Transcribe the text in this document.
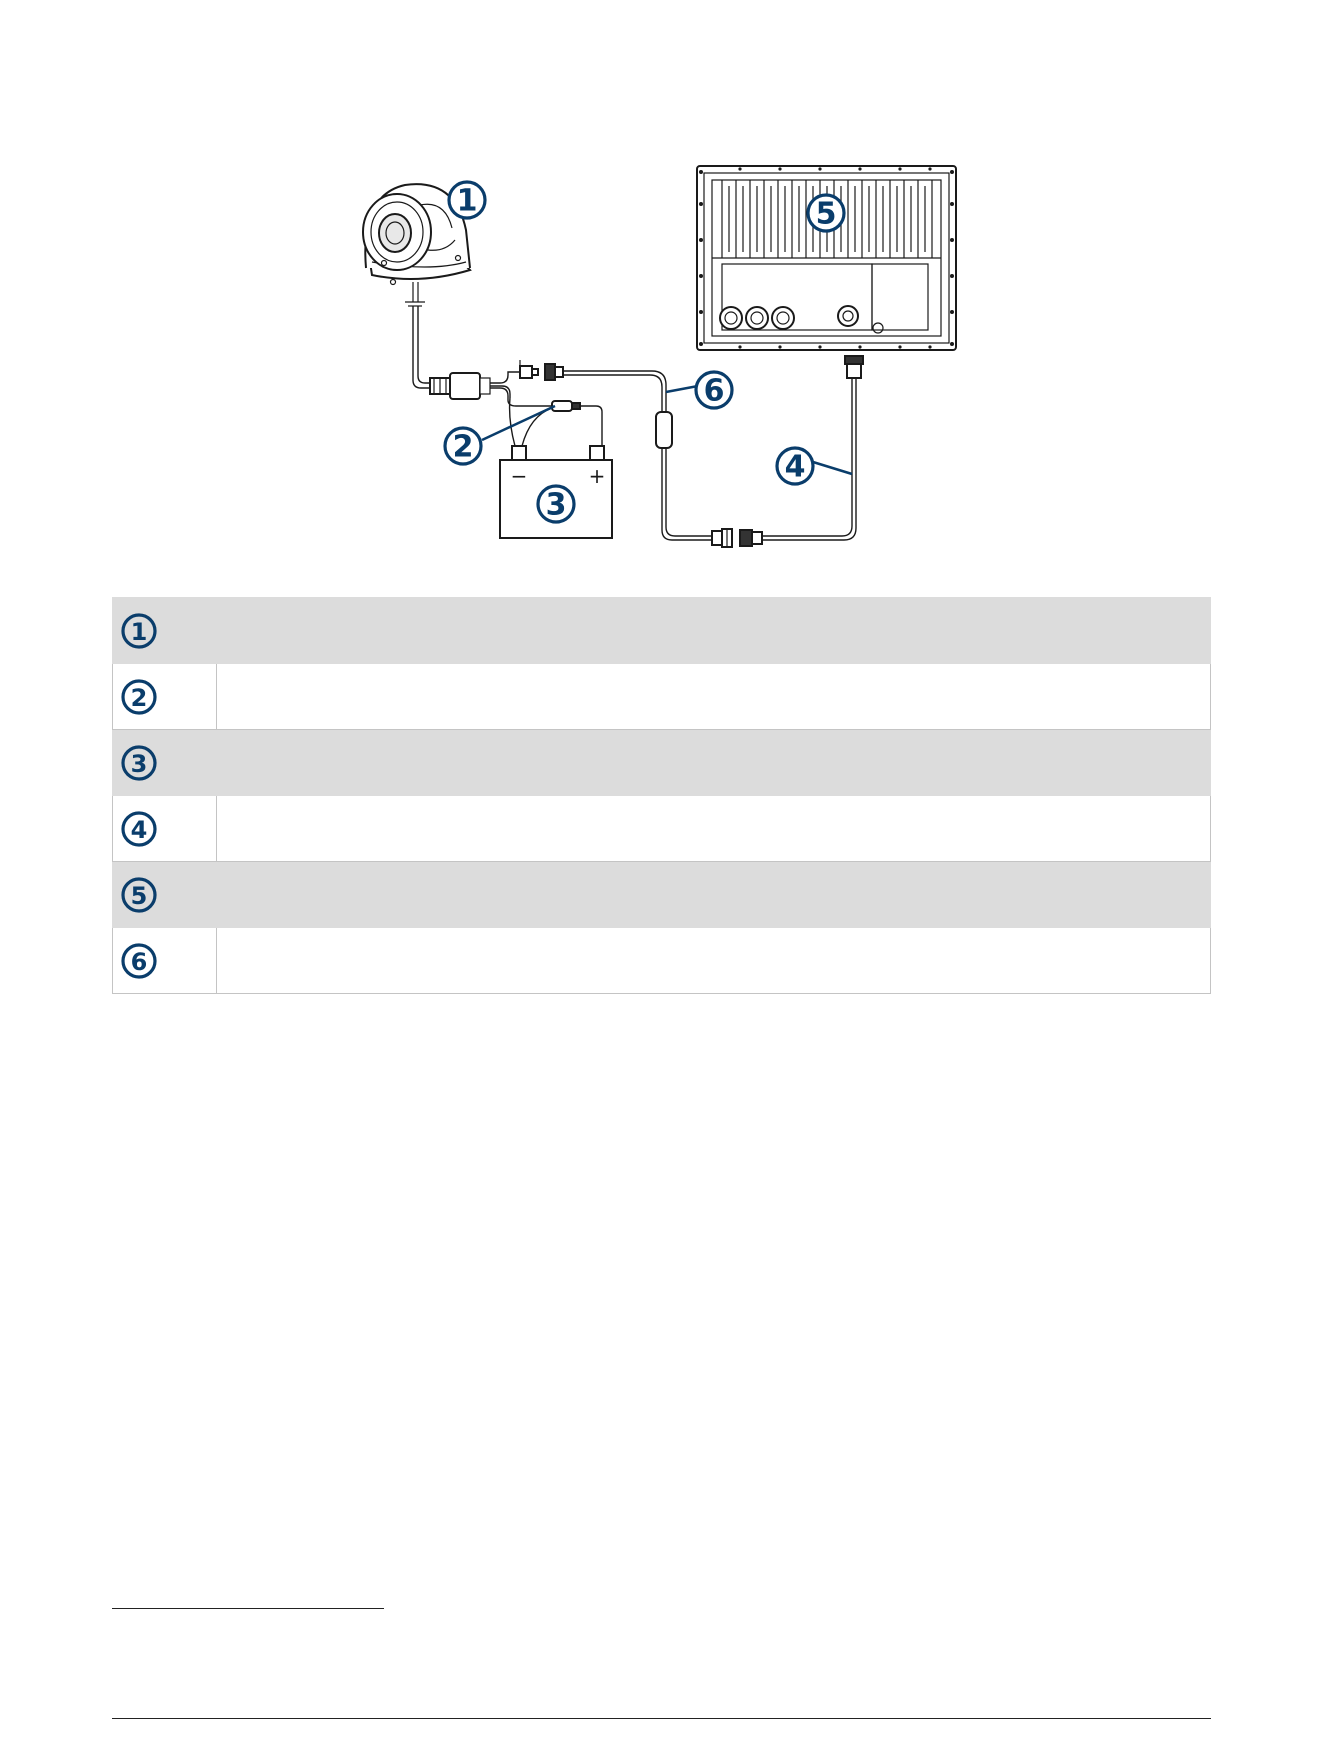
−	+
1
2
3
4
5
6
1	

2	

3	

4	

5	

6	
